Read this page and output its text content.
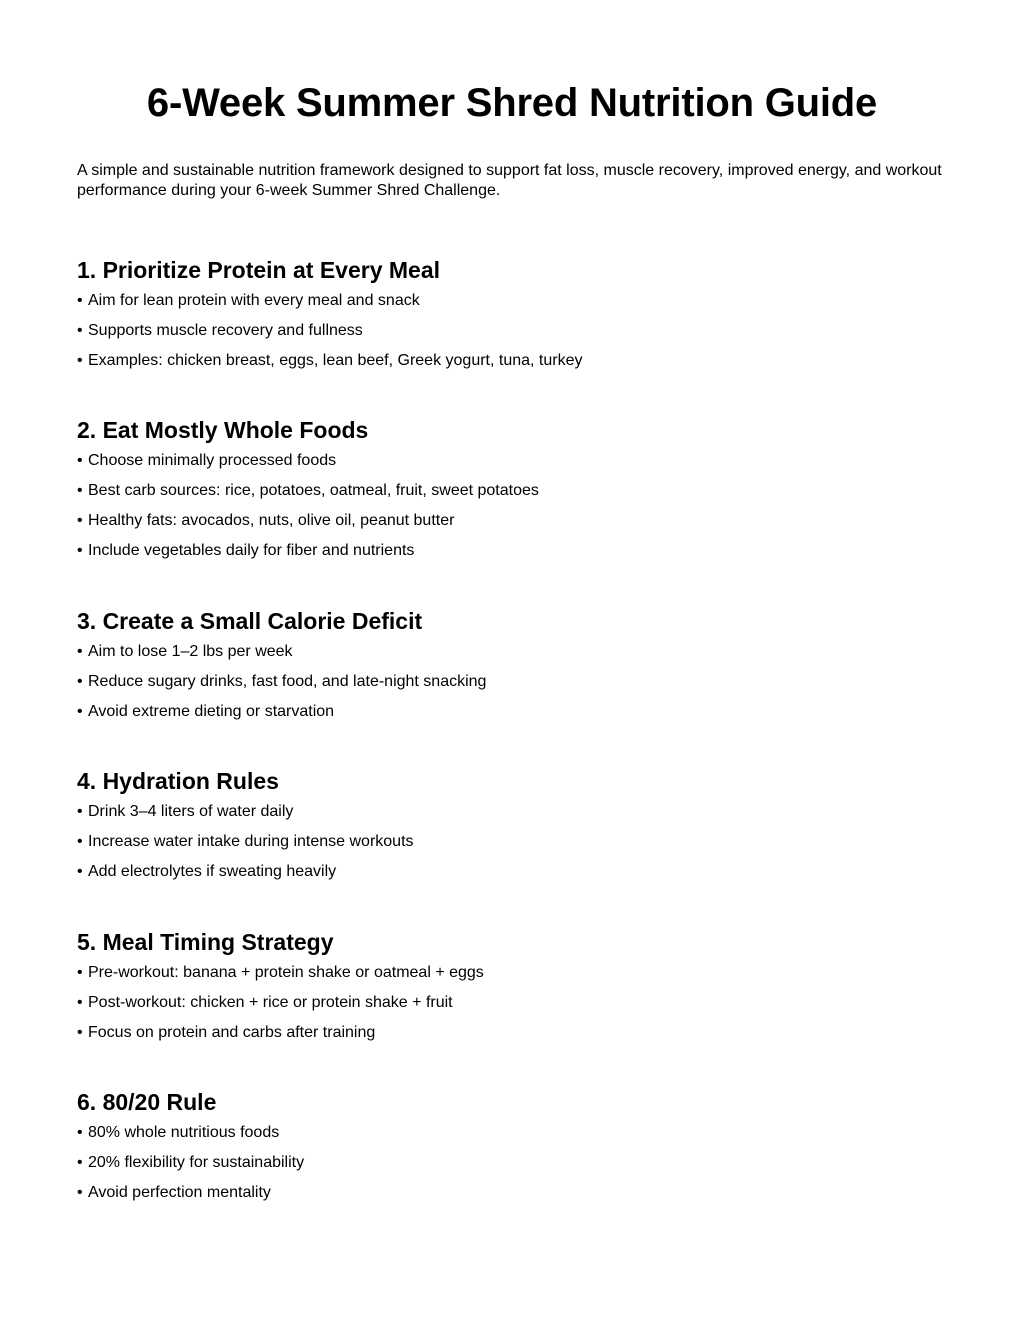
6-Week Summer Shred Nutrition Guide

A simple and sustainable nutrition framework designed to support fat loss, muscle recovery, improved energy, and workout performance during your 6-week Summer Shred Challenge.

1. Prioritize Protein at Every Meal
• Aim for lean protein with every meal and snack
• Supports muscle recovery and fullness
• Examples: chicken breast, eggs, lean beef, Greek yogurt, tuna, turkey
2. Eat Mostly Whole Foods
• Choose minimally processed foods
• Best carb sources: rice, potatoes, oatmeal, fruit, sweet potatoes
• Healthy fats: avocados, nuts, olive oil, peanut butter
• Include vegetables daily for fiber and nutrients
3. Create a Small Calorie Deficit
• Aim to lose 1–2 lbs per week
• Reduce sugary drinks, fast food, and late-night snacking
• Avoid extreme dieting or starvation
4. Hydration Rules
• Drink 3–4 liters of water daily
• Increase water intake during intense workouts
• Add electrolytes if sweating heavily
5. Meal Timing Strategy
• Pre-workout: banana + protein shake or oatmeal + eggs
• Post-workout: chicken + rice or protein shake + fruit
• Focus on protein and carbs after training
6. 80/20 Rule
• 80% whole nutritious foods
• 20% flexibility for sustainability
• Avoid perfection mentality
